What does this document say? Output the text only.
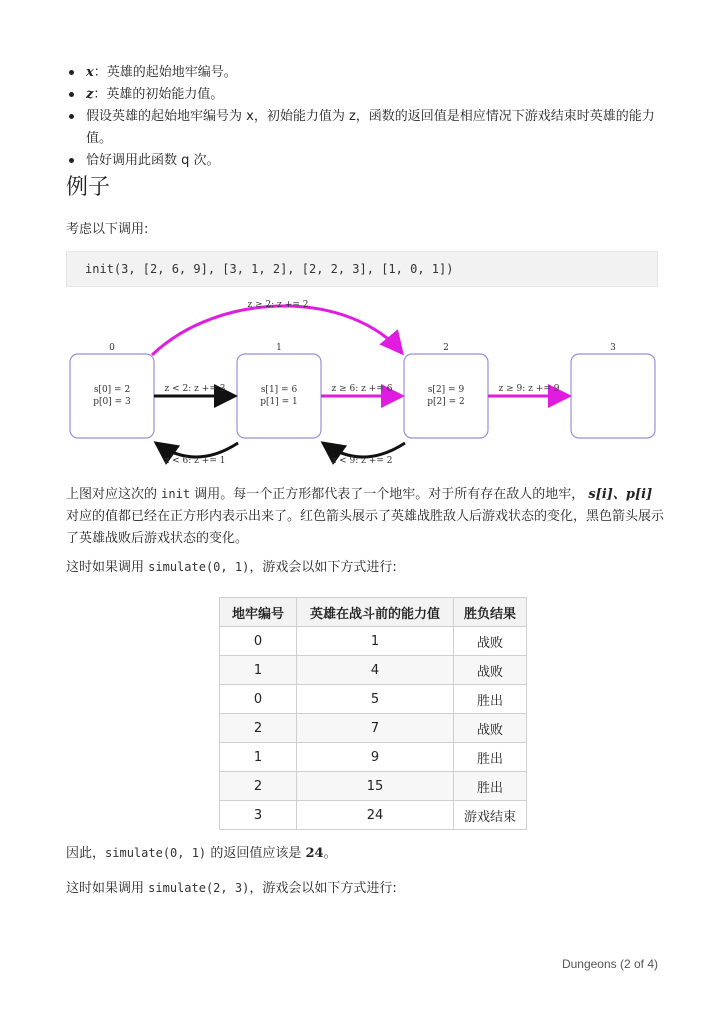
x：英雄的起始地牢编号。
z：英雄的初始能力值。
假设英雄的起始地牢编号为 x，初始能力值为 z，函数的返回值是相应情况下游戏结束时英雄的能力值。
恰好调用此函数 q 次。
例子
考虑以下调用:
init(3, [2, 6, 9], [3, 1, 2], [2, 2, 3], [1, 0, 1])
z ≥ 2: z += 2
0
s[0] = 2
p[0] = 3
1
s[1] = 6
p[1] = 1
2
s[2] = 9
p[2] = 2
3
z < 2: z += 3	z ≥ 6: z += 6	z ≥ 9: z += 9
z < 6: z += 1	z < 9: z += 2
上图对应这次的 init 调用。每一个正方形都代表了一个地牢。对于所有存在敌人的地牢， s[i]、p[i] 对应的值都已经在正方形内表示出来了。红色箭头展示了英雄战胜敌人后游戏状态的变化，黑色箭头展示了英雄战败后游戏状态的变化。
这时如果调用 simulate(0, 1)，游戏会以如下方式进行:
地牢编号	英雄在战斗前的能力值	胜负结果
0	1	战败
1	4	战败
0	5	胜出
2	7	战败
1	9	胜出
2	15	胜出
3	24	游戏结束
因此，simulate(0, 1) 的返回值应该是 24。
这时如果调用 simulate(2, 3)，游戏会以如下方式进行:
Dungeons (2 of 4)
